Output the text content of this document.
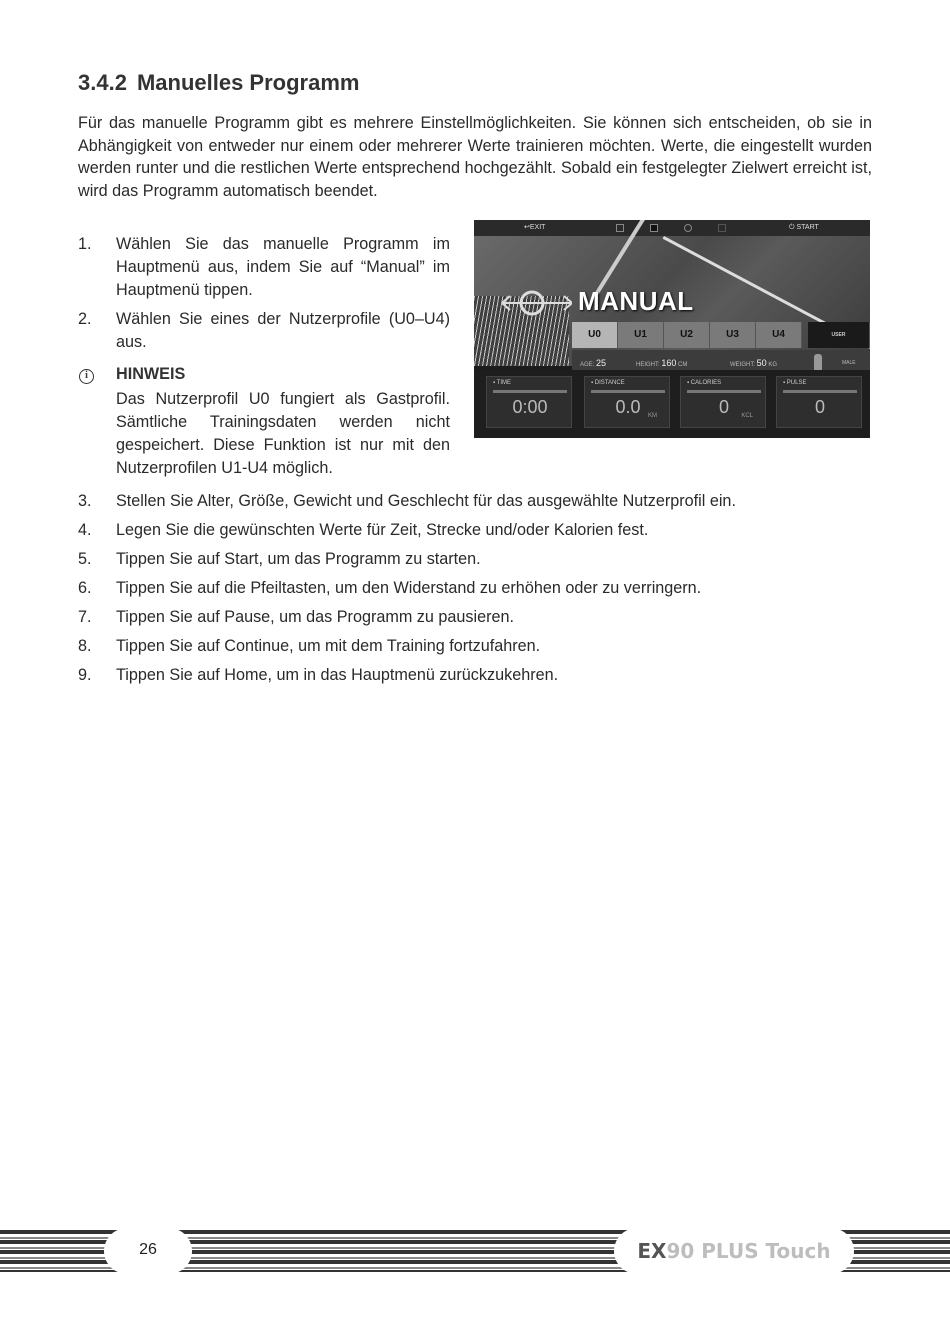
3.4.2 Manuelles Programm

Für das manuelle Programm gibt es mehrere Einstellmöglichkeiten. Sie können sich entscheiden, ob sie in Abhängigkeit von entweder nur einem oder mehrerer Werte trainieren möchten. Werte, die eingestellt wurden werden runter und die restlichen Werte entsprechend hochgezählt. Sobald ein festgelegter Zielwert erreicht ist, wird das Programm automatisch beendet.

1.	Wählen Sie das manuelle Programm im Hauptmenü aus, indem Sie auf “Manual” im Hauptmenü tippen.
2.	Wählen Sie eines der Nutzerprofile (U0–U4) aus.
i	HINWEIS
Das Nutzerprofil U0 fungiert als Gastprofil. Sämtliche Trainingsdaten werden nicht gespeichert. Diese Funktion ist nur mit den Nutzerprofilen U1-U4 möglich.
↩EXIT	⏻ START
MANUAL
U0	U1	U2	U3	U4	USER
AGE: 25	HEIGHT: 160 CM	WEIGHT: 50 KG	MALE
▪ TIME
0:00
▪ DISTANCE
0.0	KM
▪ CALORIES
0	KCL
▪ PULSE
0
3.	Stellen Sie Alter, Größe, Gewicht und Geschlecht für das ausgewählte Nutzerprofil ein.
4.	Legen Sie die gewünschten Werte für Zeit, Strecke und/oder Kalorien fest.
5.	Tippen Sie auf Start, um das Programm zu starten.
6.	Tippen Sie auf die Pfeiltasten, um den Widerstand zu erhöhen oder zu verringern.
7.	Tippen Sie auf Pause, um das Programm zu pausieren.
8.	Tippen Sie auf Continue, um mit dem Training fortzufahren.
9.	Tippen Sie auf Home, um in das Hauptmenü zurückzukehren.
26	EX90 PLUS Touch
